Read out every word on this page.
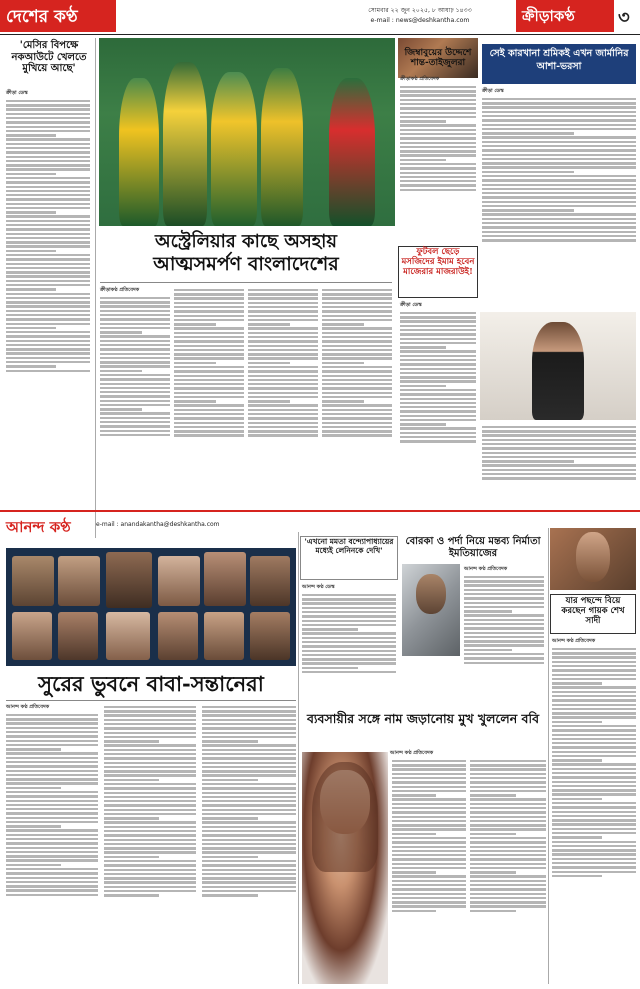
দেশের কণ্ঠ	সোমবার ২২ জুন ২০২৫, ৮ আষাঢ় ১৪৩৩
e-mail : news@deshkantha.com	ক্রীড়াকণ্ঠ ৩
'মেসির বিপক্ষে নকআউটে খেলতে মুখিয়ে আছে'
ক্রীড়া ডেস্ক
জিম্বাবুয়ের উদ্দেশে শান্ত-তাইজুলরা
ক্রীড়াকণ্ঠ প্রতিবেদক
সেই কারখানা শ্রমিকই এখন জার্মানির আশা-ভরসা
ক্রীড়া ডেস্ক
অস্ট্রেলিয়ার কাছে অসহায়
আত্মসমর্পণ বাংলাদেশের
ক্রীড়াকণ্ঠ প্রতিবেদক
ফুটবল ছেড়ে মসজিদের ইমাম হবেন মাজেরার মাজরাউই!
ক্রীড়া ডেস্ক
আনন্দ কণ্ঠ	e-mail : anandakantha@deshkantha.com
সুরের ভুবনে বাবা-সন্তানেরা
আনন্দ কণ্ঠ প্রতিবেদক
'এখনো মমতা বন্দ্যোপাধ্যায়ের মধ্যেই লেনিনকে দেখি'
আনন্দ কণ্ঠ ডেস্ক
বোরকা ও পর্দা নিয়ে মন্তব্য নির্মাতা ইমতিয়াজের
আনন্দ কণ্ঠ প্রতিবেদক
যার পছন্দে বিয়ে করছেন গায়ক শেখ সাদী
আনন্দ কণ্ঠ প্রতিবেদক
ব্যবসায়ীর সঙ্গে নাম জড়ানোয় মুখ খুললেন ববি
আনন্দ কণ্ঠ প্রতিবেদক
